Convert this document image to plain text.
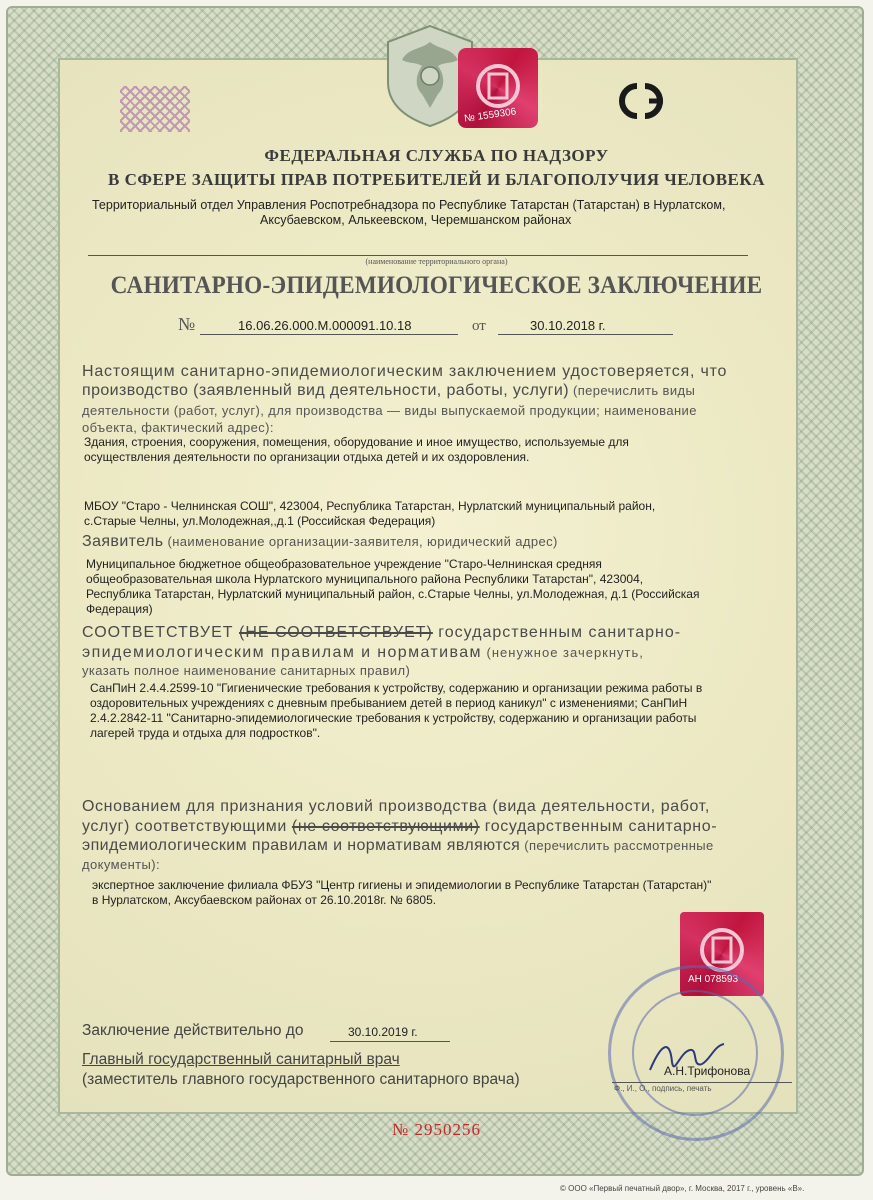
№ 1559306
ФЕДЕРАЛЬНАЯ СЛУЖБА ПО НАДЗОРУ
В СФЕРЕ ЗАЩИТЫ ПРАВ ПОТРЕБИТЕЛЕЙ И БЛАГОПОЛУЧИЯ ЧЕЛОВЕКА
Территориальный отдел Управления Роспотребнадзора по Республике Татарстан (Татарстан) в Нурлатском,
Аксубаевском, Алькеевском, Черемшанском районах
(наименование территориального органа)
САНИТАРНО-ЭПИДЕМИОЛОГИЧЕСКОЕ ЗАКЛЮЧЕНИЕ
№	16.06.26.000.М.000091.10.18	от	30.10.2018 г.
Настоящим санитарно-эпидемиологическим заключением удостоверяется, что
производство (заявленный вид деятельности, работы, услуги) (перечислить виды
деятельности (работ, услуг), для производства — виды выпускаемой продукции; наименование
объекта, фактический адрес):
Здания, строения, сооружения, помещения, оборудование и иное имущество, используемые для
осуществления деятельности по организации отдыха детей и их оздоровления.
МБОУ "Старо - Челнинская СОШ", 423004, Республика Татарстан, Нурлатский муниципальный район,
с.Старые Челны, ул.Молодежная,,д.1 (Российская Федерация)
Заявитель (наименование организации-заявителя, юридический адрес)
Муниципальное бюджетное общеобразовательное учреждение "Старо-Челнинская средняя
общеобразовательная школа Нурлатского муниципального района Республики Татарстан", 423004,
Республика Татарстан, Нурлатский муниципальный район, с.Старые Челны, ул.Молодежная, д.1 (Российская
Федерация)
СООТВЕТСТВУЕТ (НЕ СООТВЕТСТВУЕТ) государственным санитарно-
эпидемиологическим правилам и нормативам (ненужное зачеркнуть,
указать полное наименование санитарных правил)
СанПиН 2.4.4.2599-10 "Гигиенические требования к устройству, содержанию и организации режима работы в
оздоровительных учреждениях с дневным пребыванием детей в период каникул" с изменениями; СанПиН
2.4.2.2842-11 "Санитарно-эпидемиологические требования к устройству, содержанию и организации работы
лагерей труда и отдыха для подростков".
Основанием для признания условий производства (вида деятельности, работ,
услуг) соответствующими (не соответствующими) государственным санитарно-
эпидемиологическим правилам и нормативам являются (перечислить рассмотренные
документы):
экспертное заключение филиала ФБУЗ "Центр гигиены и эпидемиологии в Республике Татарстан (Татарстан)"
в Нурлатском, Аксубаевском районах от 26.10.2018г. № 6805.
АН 078593
Заключение действительно до	30.10.2019 г.
Главный государственный санитарный врач
(заместитель главного государственного санитарного врача)	А.Н.Трифонова
Ф., И., О., подпись, печать
№ 2950256
© ООО «Первый печатный двор», г. Москва, 2017 г., уровень «В».
